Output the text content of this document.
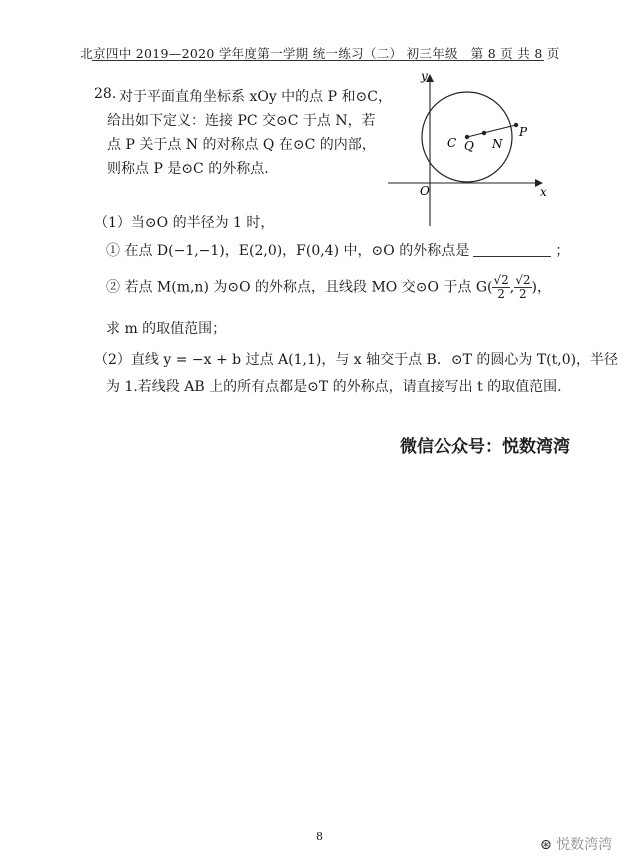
北京四中 2019—2020 学年度第一学期 统一练习（二） 初三年级　第 8 页 共 8 页
28. 对于平面直角坐标系 xOy 中的点 P 和⊙C，
给出如下定义：连接 PC 交⊙C 于点 N，若
点 P 关于点 N 的对称点 Q 在⊙C 的内部，
则称点 P 是⊙C 的外称点.
y
x
O
C Q N
P
（1）当⊙O 的半径为 1 时，
① 在点 D(−1,−1)，E(2,0)，F(0,4) 中，⊙O 的外称点是	；
② 若点 M(m,n) 为⊙O 的外称点，且线段 MO 交⊙O 于点 $G( \frac{√2}{2}$ , $\frac{√2}{2}$ )，
求 m 的取值范围；
（2）直线 y = −x + b 过点 A(1,1)，与 x 轴交于点 B．⊙T 的圆心为 T(t,0)，半径
为 1.若线段 AB 上的所有点都是⊙T 的外称点，请直接写出 t 的取值范围.
微信公众号：悦数湾湾
8
⊛ 悦数湾湾
